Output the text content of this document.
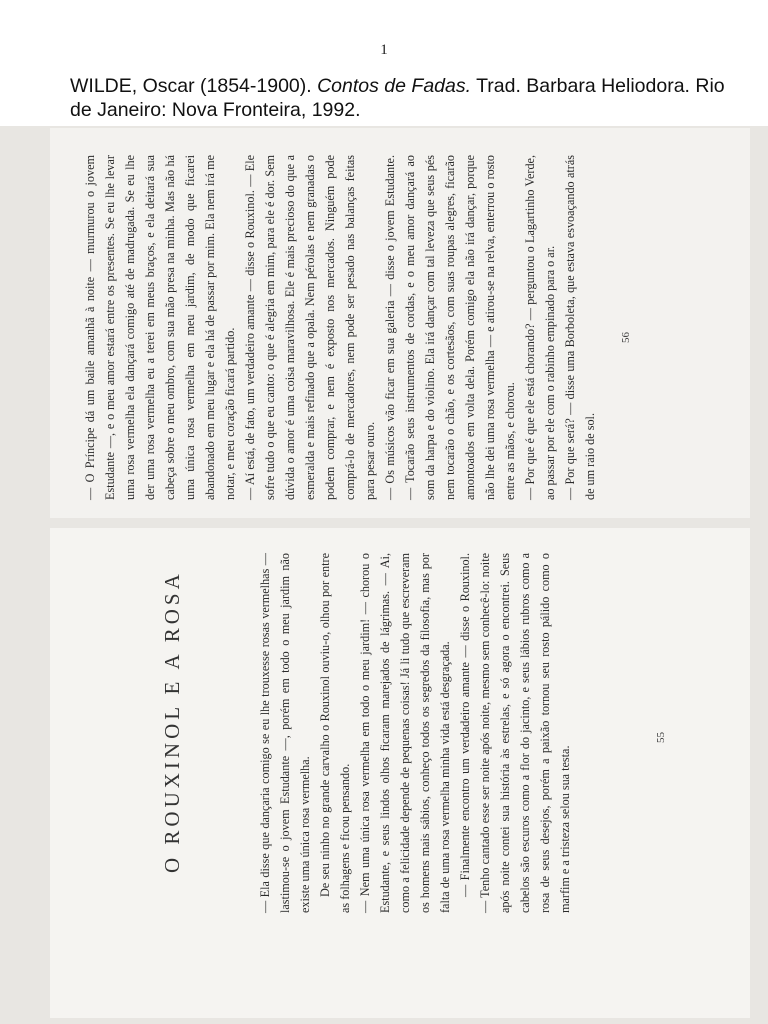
1
WILDE, Oscar (1854-1900). Contos de Fadas. Trad. Barbara Heliodora. Rio de Janeiro: Nova Fronteira, 1992.

— O Príncipe dá um baile amanhã à noite — murmurou o jovem Estudante —, e o meu amor estará entre os presentes. Se eu lhe levar uma rosa vermelha ela dançará comigo até de madrugada. Se eu lhe der uma rosa vermelha eu a terei em meus braços, e ela deitará sua cabeça sobre o meu ombro, com sua mão presa na minha. Mas não há uma única rosa vermelha em meu jardim, de modo que ficarei abandonado em meu lugar e ela há de passar por mim. Ela nem irá me notar, e meu coração ficará partido. — Aí está, de fato, um verdadeiro amante — disse o Rouxinol. — Ele sofre tudo o que eu canto: o que é alegria em mim, para ele é dor. Sem dúvida o amor é uma coisa maravilhosa. Ele é mais precioso do que a esmeralda e mais refinado que a opala. Nem pérolas e nem granadas o podem comprar, e nem é exposto nos mercados. Ninguém pode comprá-lo de mercadores, nem pode ser pesado nas balanças feitas para pesar ouro. — Os músicos vão ficar em sua galeria — disse o jovem Estudante. — Tocarão seus instrumentos de cordas, e o meu amor dançará ao som da harpa e do violino. Ela irá dançar com tal leveza que seus pés nem tocarão o chão, e os cortesãos, com suas roupas alegres, ficarão amontoados em volta dela. Porém comigo ela não irá dançar, porque não lhe dei uma rosa vermelha — e atirou-se na relva, enterrou o rosto entre as mãos, e chorou. — Por que é que ele está chorando? — perguntou o Lagartinho Verde, ao passar por ele com o rabinho empinado para o ar. — Por que será? — disse uma Borboleta, que estava esvoaçando atrás de um raio de sol.

56
O ROUXINOL E A ROSA	— Ela disse que dançaria comigo se eu lhe trouxesse rosas vermelhas — lastimou-se o jovem Estudante —, porém em todo o meu jardim não existe uma única rosa vermelha. De seu ninho no grande carvalho o Rouxinol ouviu-o, olhou por entre as folhagens e ficou pensando. — Nem uma única rosa vermelha em todo o meu jardim! — chorou o Estudante, e seus lindos olhos ficaram marejados de lágrimas. — Ai, como a felicidade depende de pequenas coisas! Já li tudo que escreveram os homens mais sábios, conheço todos os segredos da filosofia, mas por falta de uma rosa vermelha minha vida está desgraçada. — Finalmente encontro um verdadeiro amante — disse o Rouxinol. — Tenho cantado esse ser noite após noite, mesmo sem conhecê-lo: noite após noite contei sua história às estrelas, e só agora o encontrei. Seus cabelos são escuros como a flor do jacinto, e seus lábios rubros como a rosa de seus desejos, porém a paixão tornou seu rosto pálido como o marfim e a tristeza selou sua testa.

55
